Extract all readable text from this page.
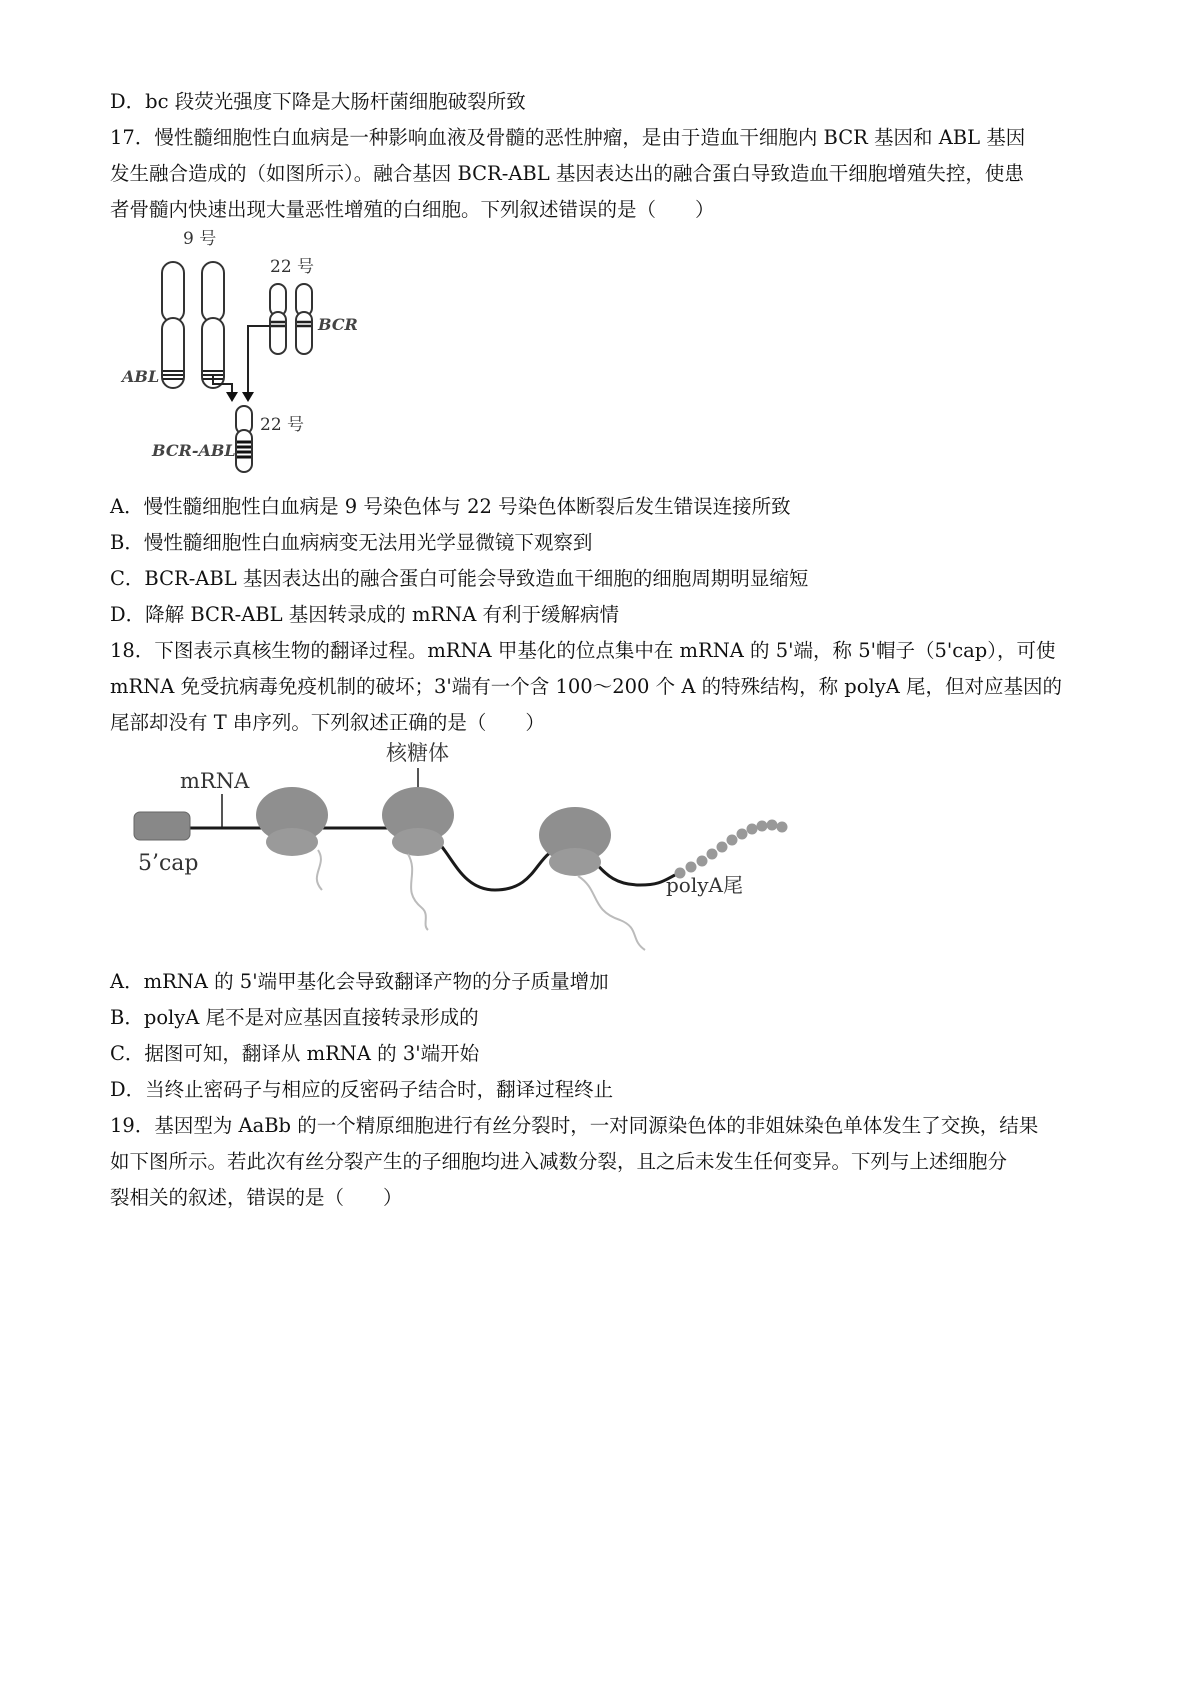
D．bc 段荧光强度下降是大肠杆菌细胞破裂所致
17．慢性髓细胞性白血病是一种影响血液及骨髓的恶性肿瘤，是由于造血干细胞内 BCR 基因和 ABL 基因
发生融合造成的（如图所示）。融合基因 BCR-ABL 基因表达出的融合蛋白导致造血干细胞增殖失控，使患
者骨髓内快速出现大量恶性增殖的白细胞。下列叙述错误的是（　　）
9 号
ABL
22 号
BCR
22 号
BCR-ABL
A．慢性髓细胞性白血病是 9 号染色体与 22 号染色体断裂后发生错误连接所致
B．慢性髓细胞性白血病病变无法用光学显微镜下观察到
C．BCR-ABL 基因表达出的融合蛋白可能会导致造血干细胞的细胞周期明显缩短
D．降解 BCR-ABL 基因转录成的 mRNA 有利于缓解病情
18．下图表示真核生物的翻译过程。mRNA 甲基化的位点集中在 mRNA 的 5'端，称 5'帽子（5'cap），可使
mRNA 免受抗病毒免疫机制的破坏；3'端有一个含 100～200 个 A 的特殊结构，称 polyA 尾，但对应基因的
尾部却没有 T 串序列。下列叙述正确的是（　　）
mRNA
核糖体
5’cap
polyA尾
A．mRNA 的 5'端甲基化会导致翻译产物的分子质量增加
B．polyA 尾不是对应基因直接转录形成的
C．据图可知，翻译从 mRNA 的 3'端开始
D．当终止密码子与相应的反密码子结合时，翻译过程终止
19．基因型为 AaBb 的一个精原细胞进行有丝分裂时，一对同源染色体的非姐妹染色单体发生了交换，结果
如下图所示。若此次有丝分裂产生的子细胞均进入减数分裂，且之后未发生任何变异。下列与上述细胞分
裂相关的叙述，错误的是（　　）
